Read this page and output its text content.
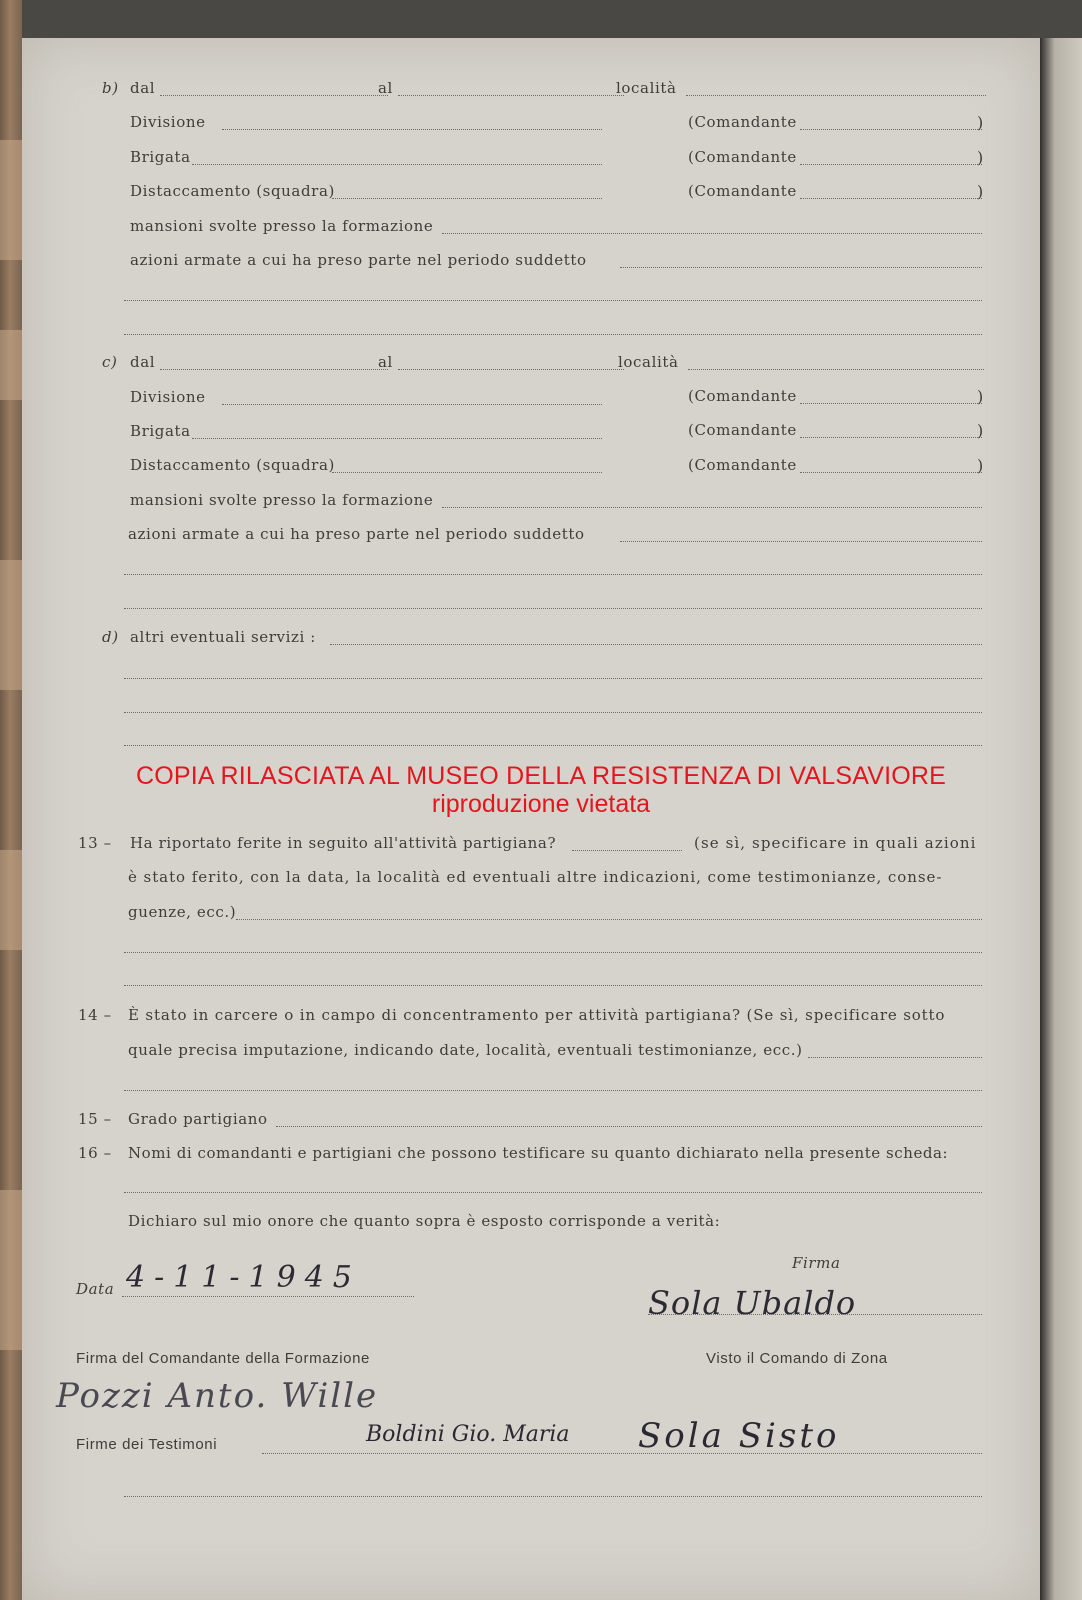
b) dal	al	località
Divisione	(Comandante	)
Brigata	(Comandante	)
Distaccamento (squadra)	(Comandante	)
mansioni svolte presso la formazione
azioni armate a cui ha preso parte nel periodo suddetto
c) dal	al	località
Divisione	(Comandante	)
Brigata	(Comandante	)
Distaccamento (squadra)	(Comandante	)
mansioni svolte presso la formazione
azioni armate a cui ha preso parte nel periodo suddetto
d) altri eventuali servizi :
13 – Ha riportato ferite in seguito all'attività partigiana?	(se sì, specificare in quali azioni
è stato ferito, con la data, la località ed eventuali altre indicazioni, come testimonianze, conse-
guenze, ecc.)
14 – È stato in carcere o in campo di concentramento per attività partigiana? (Se sì, specificare sotto
quale precisa imputazione, indicando date, località, eventuali testimonianze, ecc.)
15 – Grado partigiano
16 – Nomi di comandanti e partigiani che possono testificare su quanto dichiarato nella presente scheda:
Dichiaro sul mio onore che quanto sopra è esposto corrisponde a verità:
Data 4-11-1945	Firma
Sola Ubaldo
Firma del Comandante della Formazione
Pozzi Anto. Wille
Visto il Comando di Zona
Firme dei Testimoni	Boldini Gio. Maria Sola Sisto
COPIA RILASCIATA AL MUSEO DELLA RESISTENZA DI VALSAVIORE
riproduzione vietata
